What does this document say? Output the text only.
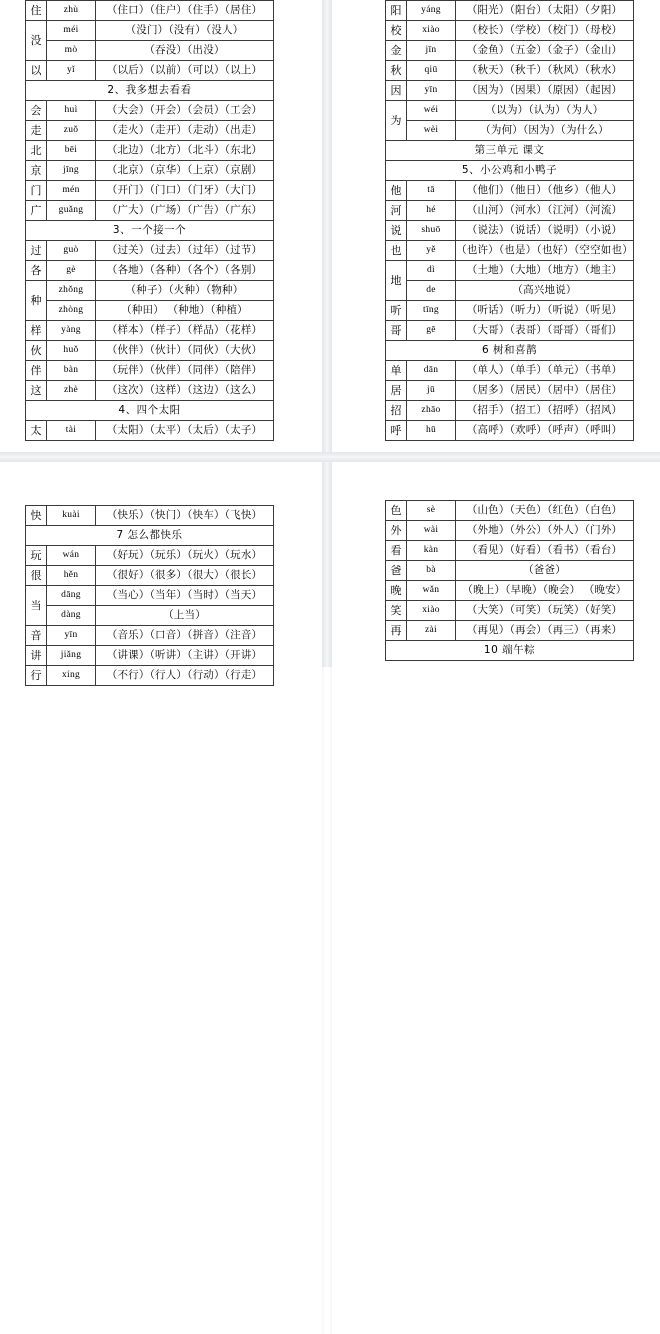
住	zhù	（住口）（住户）（住手）（居住）
没	méi	（没门）（没有）（没人）
	mò	（吞没）（出没）
以	yǐ	（以后）（以前）（可以）（以上）
2、我多想去看看		
会	huì	（大会）（开会）（会员）（工会）
走	zuǒ	（走火）（走开）（走动）（出走）
北	bēi	（北边）（北方）（北斗）（东北）
京	jīng	（北京）（京华）（上京）（京剧）
门	mén	（开门）（门口）（门牙）（大门）
广	guǎng	（广大）（广场）（广告）（广东）
3、一个接一个		
过	guò	（过关）（过去）（过年）（过节）
各	gè	（各地）（各种）（各个）（各别）
种	zhǒng	（种子）（火种）（物种）
	zhòng	（种田） （种地）（种植）
样	yàng	（样本）（样子）（样品）（花样）
伙	huǒ	（伙伴）（伙计）（同伙）（大伙）
伴	bàn	（玩伴）（伙伴）（同伴）（陪伴）
这	zhè	（这次）（这样）（这边）（这么）
4、四个太阳		
太	tài	（太阳）（太平）（太后）（太子）
阳	yáng	（阳光）（阳台）（太阳）（夕阳）
校	xiào	（校长）（学校）（校门）（母校）
金	jīn	（金鱼）（五金）（金子）（金山）
秋	qiū	（秋天）（秋千）（秋风）（秋水）
因	yīn	（因为）（因果）（原因）（起因）
为	wéi	（以为）（认为）（为人）
	wèi	（为何）（因为）（为什么）
第三单元 课文		
5、小公鸡和小鸭子		
他	tā	（他们）（他日）（他乡）（他人）
河	hé	（山河）（河水）（江河）（河流）
说	shuō	（说法）（说话）（说明）（小说）
也	yě	（也许）（也是）（也好）（空空如也）
地	dì	（土地）（大地）（地方）（地主）
	de	（高兴地说）
听	tīng	（听话）（听力）（听说）（听见）
哥	gē	（大哥）（表哥）（哥哥）（哥们）
6 树和喜鹊		
单	dān	（单人）（单手）（单元）（书单）
居	jū	（居多）（居民）（居中）（居住）
招	zhāo	（招手）（招工）（招呼）（招风）
呼	hū	（高呼）（欢呼）（呼声）（呼叫）
快	kuài	（快乐）（快门）（快车）（飞快）
7 怎么都快乐		
玩	wán	（好玩）（玩乐）（玩火）（玩水）
很	hěn	（很好）（很多）（很大）（很长）
当	dāng	（当心）（当年）（当时）（当天）
	dàng	（上当）
音	yīn	（音乐）（口音）（拼音）（注音）
讲	jiǎng	（讲课）（听讲）（主讲）（开讲）
行	xíng	（不行）（行人）（行动）（行走）
色	sè	（山色）（天色）（红色）（白色）
外	wài	（外地）（外公）（外人）（门外）
看	kàn	（看见）（好看）（看书）（看台）
爸	bà	（爸爸）
晚	wǎn	（晚上）（早晚）（晚会） （晚安）
笑	xiào	（大笑）（可笑）（玩笑）（好笑）
再	zài	（再见）（再会）（再三）（再来）
10 端午粽		
